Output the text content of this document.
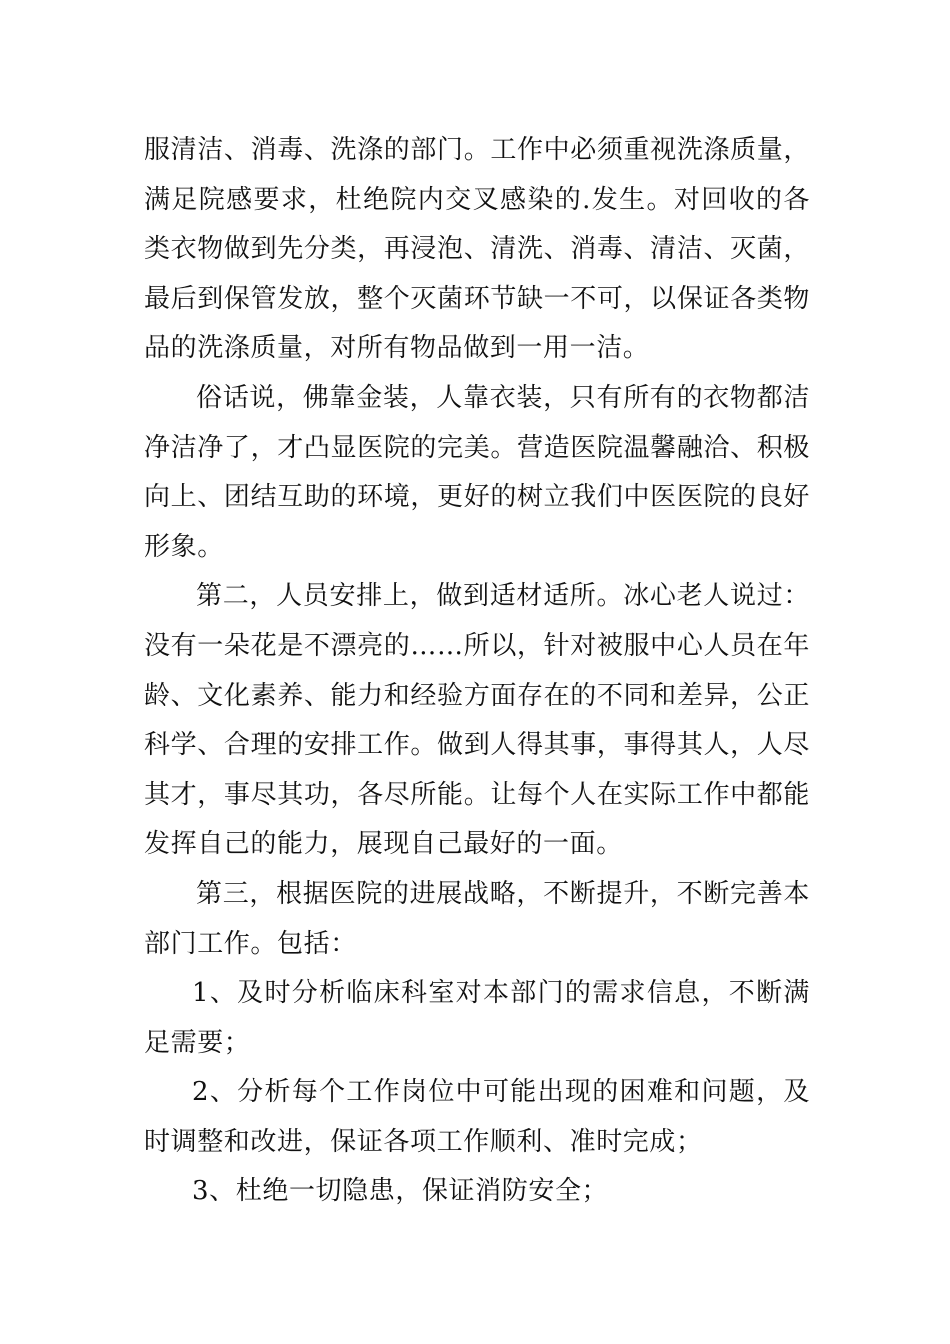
服清洁、消毒、洗涤的部门。工作中必须重视洗涤质量，满足院感要求，杜绝院内交叉感染的.发生。对回收的各类衣物做到先分类，再浸泡、清洗、消毒、清洁、灭菌，最后到保管发放，整个灭菌环节缺一不可，以保证各类物品的洗涤质量，对所有物品做到一用一洁。

俗话说，佛靠金装，人靠衣装，只有所有的衣物都洁净洁净了，才凸显医院的完美。营造医院温馨融洽、积极向上、团结互助的环境，更好的树立我们中医医院的良好形象。

第二，人员安排上，做到适材适所。冰心老人说过：没有一朵花是不漂亮的……所以，针对被服中心人员在年龄、文化素养、能力和经验方面存在的不同和差异，公正科学、合理的安排工作。做到人得其事，事得其人，人尽其才，事尽其功，各尽所能。让每个人在实际工作中都能发挥自己的能力，展现自己最好的一面。

第三，根据医院的进展战略，不断提升，不断完善本部门工作。包括：

1、及时分析临床科室对本部门的需求信息，不断满足需要；

2、分析每个工作岗位中可能出现的困难和问题，及时调整和改进，保证各项工作顺利、准时完成；

3、杜绝一切隐患，保证消防安全；
